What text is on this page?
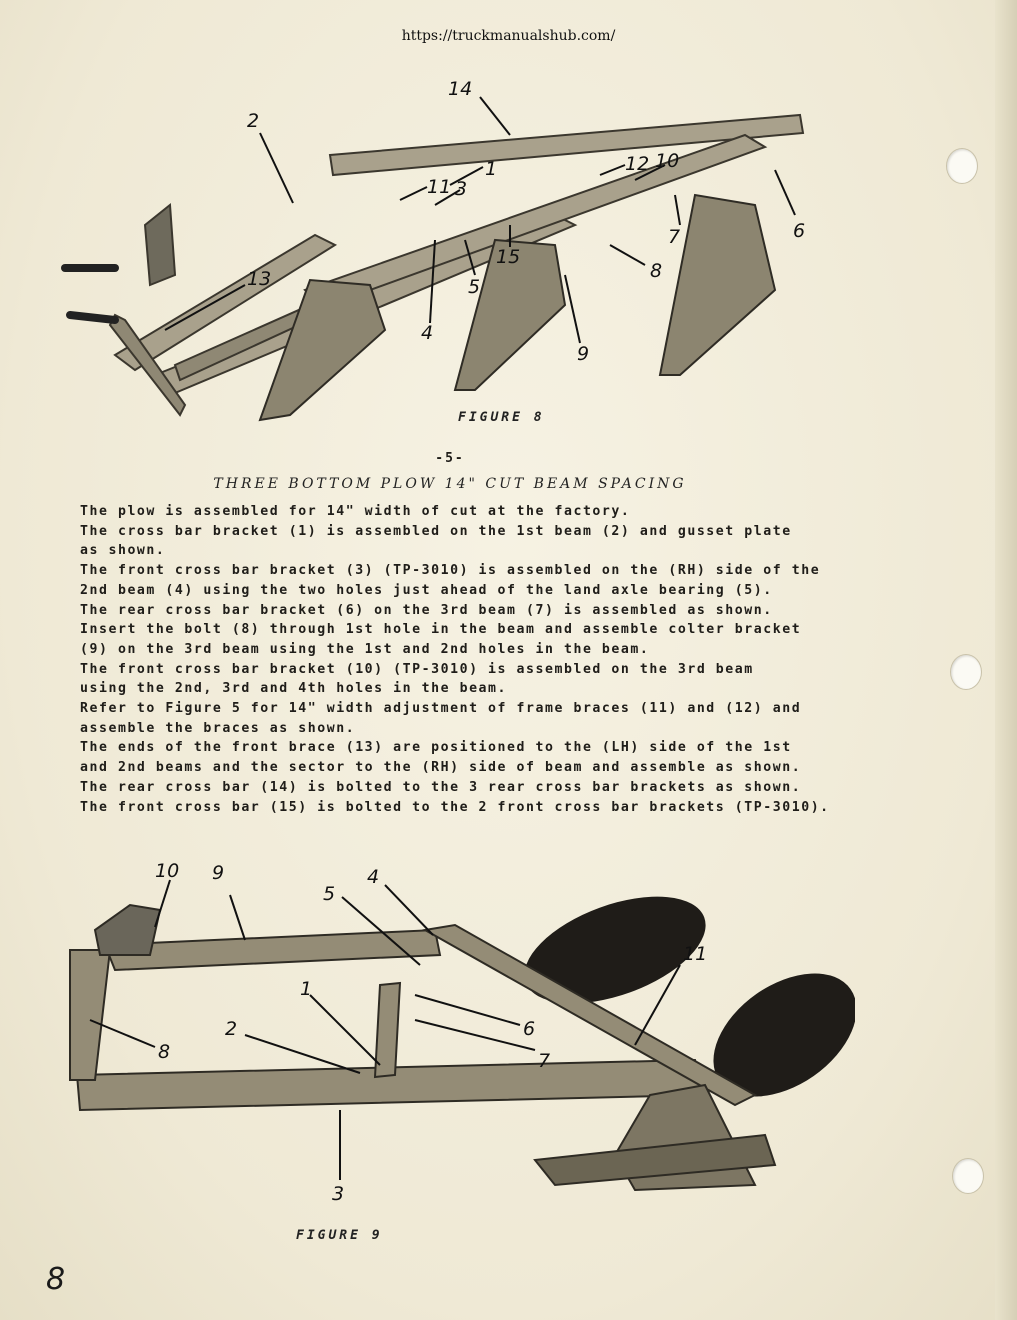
https://truckmanualshub.com/
14
2
1
11 3
12 10
6
7
15
5
8
4
9
13
FIGURE 8
-5-
THREE BOTTOM PLOW 14" CUT BEAM SPACING

The plow is assembled for 14" width of cut at the factory.

The cross bar bracket (1) is assembled on the 1st beam (2) and gusset plate

as shown.

The front cross bar bracket (3) (TP-3010) is assembled on the (RH) side of the

2nd beam (4) using the two holes just ahead of the land axle bearing (5).

The rear cross bar bracket (6) on the 3rd beam (7) is assembled as shown.

Insert the bolt (8) through 1st hole in the beam and assemble colter bracket

(9) on the 3rd beam using the 1st and 2nd holes in the beam.

The front cross bar bracket (10) (TP-3010) is assembled on the 3rd beam

using the 2nd, 3rd and 4th holes in the beam.

Refer to Figure 5 for 14" width adjustment of frame braces (11) and (12) and

assemble the braces as shown.

The ends of the front brace (13) are positioned to the (LH) side of the 1st

and 2nd beams and the sector to the (RH) side of beam and assemble as shown.

The rear cross bar (14) is bolted to the 3 rear cross bar brackets as shown.

The front cross bar (15) is bolted to the 2 front cross bar brackets (TP-3010).

10 9
5
4
11
1
2	6
7
8
3
FIGURE 9
8
